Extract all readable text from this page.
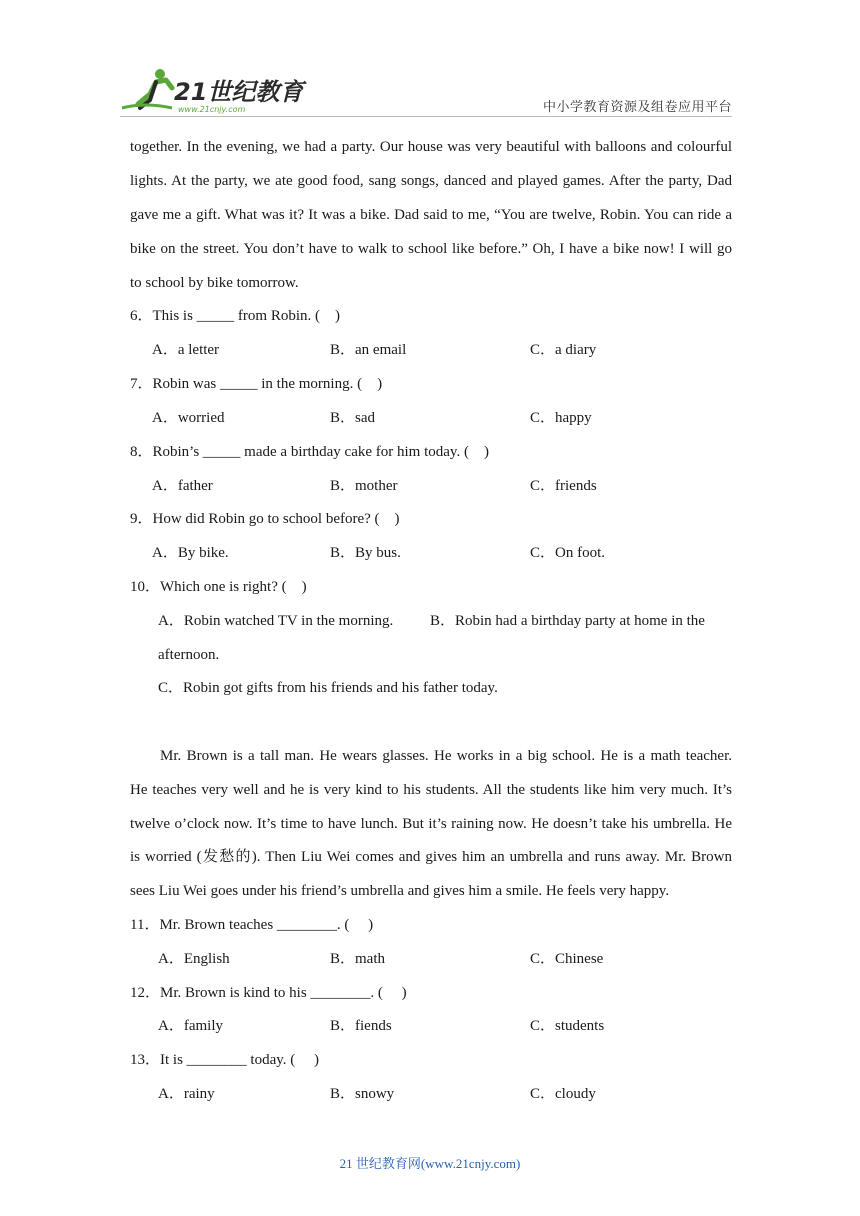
21世纪教育
www.21cnjy.com	中小学教育资源及组卷应用平台
together. In the evening, we had a party. Our house was very beautiful with balloons and colourful
lights. At the party, we ate good food, sang songs, danced and played games. After the party, Dad
gave me a gift. What was it? It was a bike. Dad said to me, “You are twelve, Robin. You can ride a
bike on the street. You don’t have to walk to school like before.” Oh, I have a bike now! I will go
to school by bike tomorrow.
6．This is _____ from Robin. (    )
A．a letter	B．an email	C．a diary
7．Robin was _____ in the morning. (    )
A．worried	B．sad	C．happy
8．Robin’s _____ made a birthday cake for him today. (    )
A．father	B．mother	C．friends
9．How did Robin go to school before? (    )
A．By bike.	B．By bus.	C．On foot.
10．Which one is right? (    )
A．Robin watched TV in the morning. B．Robin had a birthday party at home in the
afternoon.
C．Robin got gifts from his friends and his father today.
Mr. Brown is a tall man. He wears glasses. He works in a big school. He is a math teacher.
He teaches very well and he is very kind to his students. All the students like him very much. It’s
twelve o’clock now. It’s time to have lunch. But it’s raining now. He doesn’t take his umbrella. He
is worried (发愁的). Then Liu Wei comes and gives him an umbrella and runs away. Mr. Brown
sees Liu Wei goes under his friend’s umbrella and gives him a smile. He feels very happy.
11．Mr. Brown teaches ________. (     )
A．English	B．math	C．Chinese
12．Mr. Brown is kind to his ________. (     )
A．family	B．fiends	C．students
13．It is ________ today. (     )
A．rainy	B．snowy	C．cloudy
21 世纪教育网(www.21cnjy.com)
